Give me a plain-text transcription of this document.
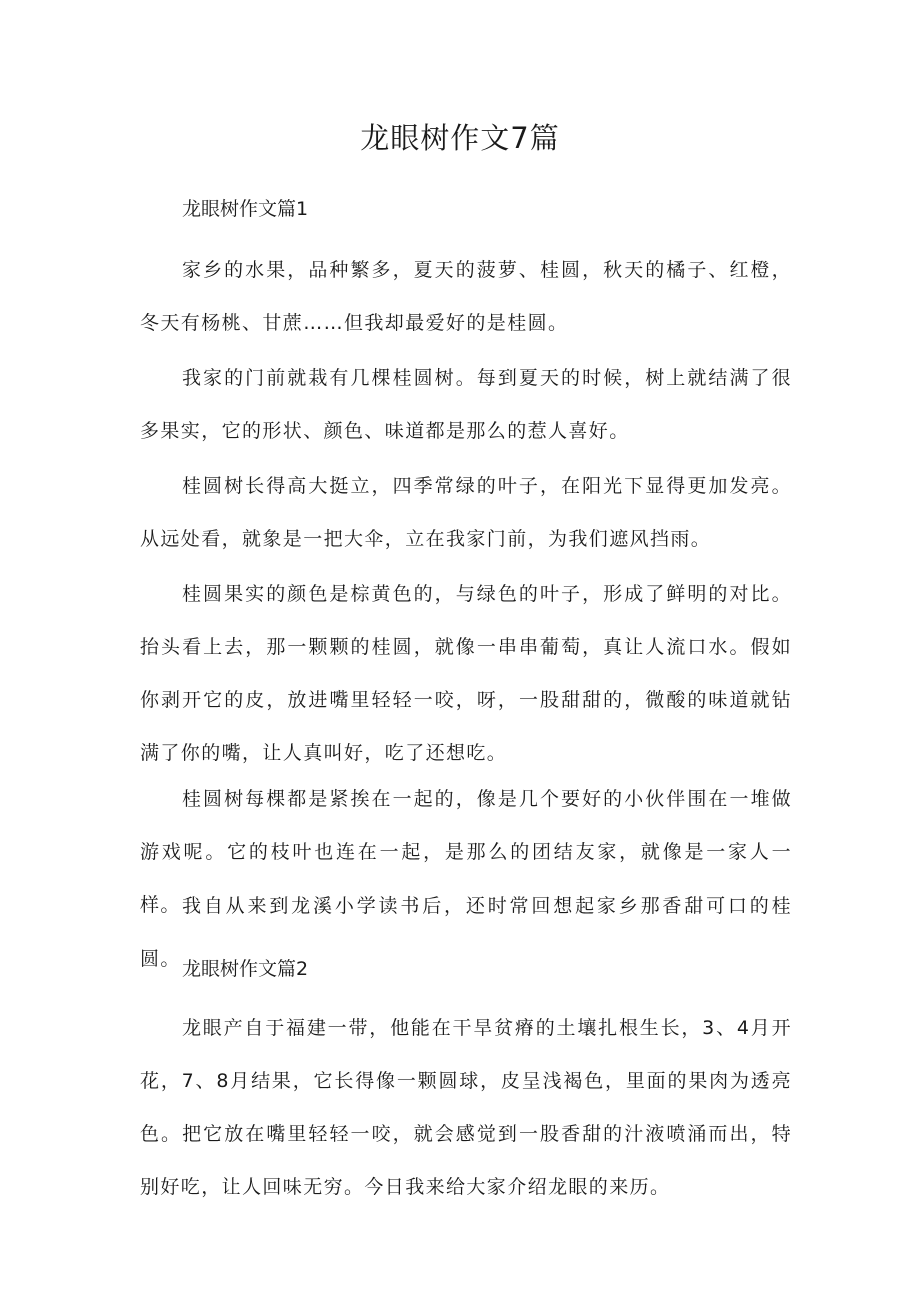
龙眼树作文7篇

龙眼树作文篇1

家乡的水果，品种繁多，夏天的菠萝、桂圆，秋天的橘子、红橙，冬天有杨桃、甘蔗……但我却最爱好的是桂圆。

我家的门前就栽有几棵桂圆树。每到夏天的时候，树上就结满了很多果实，它的形状、颜色、味道都是那么的惹人喜好。

桂圆树长得高大挺立，四季常绿的叶子，在阳光下显得更加发亮。从远处看，就象是一把大伞，立在我家门前，为我们遮风挡雨。

桂圆果实的颜色是棕黄色的，与绿色的叶子，形成了鲜明的对比。抬头看上去，那一颗颗的桂圆，就像一串串葡萄，真让人流口水。假如你剥开它的皮，放进嘴里轻轻一咬，呀，一股甜甜的，微酸的味道就钻满了你的嘴，让人真叫好，吃了还想吃。

桂圆树每棵都是紧挨在一起的，像是几个要好的小伙伴围在一堆做游戏呢。它的枝叶也连在一起，是那么的团结友家，就像是一家人一样。 我自从来到龙溪小学读书后，还时常回想起家乡那香甜可口的桂圆。 龙眼树作文篇2

龙眼产自于福建一带，他能在干旱贫瘠的土壤扎根生长，3、4月开花，7、8月结果，它长得像一颗圆球，皮呈浅褐色，里面的果肉为透亮色。把它放在嘴里轻轻一咬，就会感觉到一股香甜的汁液喷涌而出，特别好吃，让人回味无穷。今日我来给大家介绍龙眼的来历。
